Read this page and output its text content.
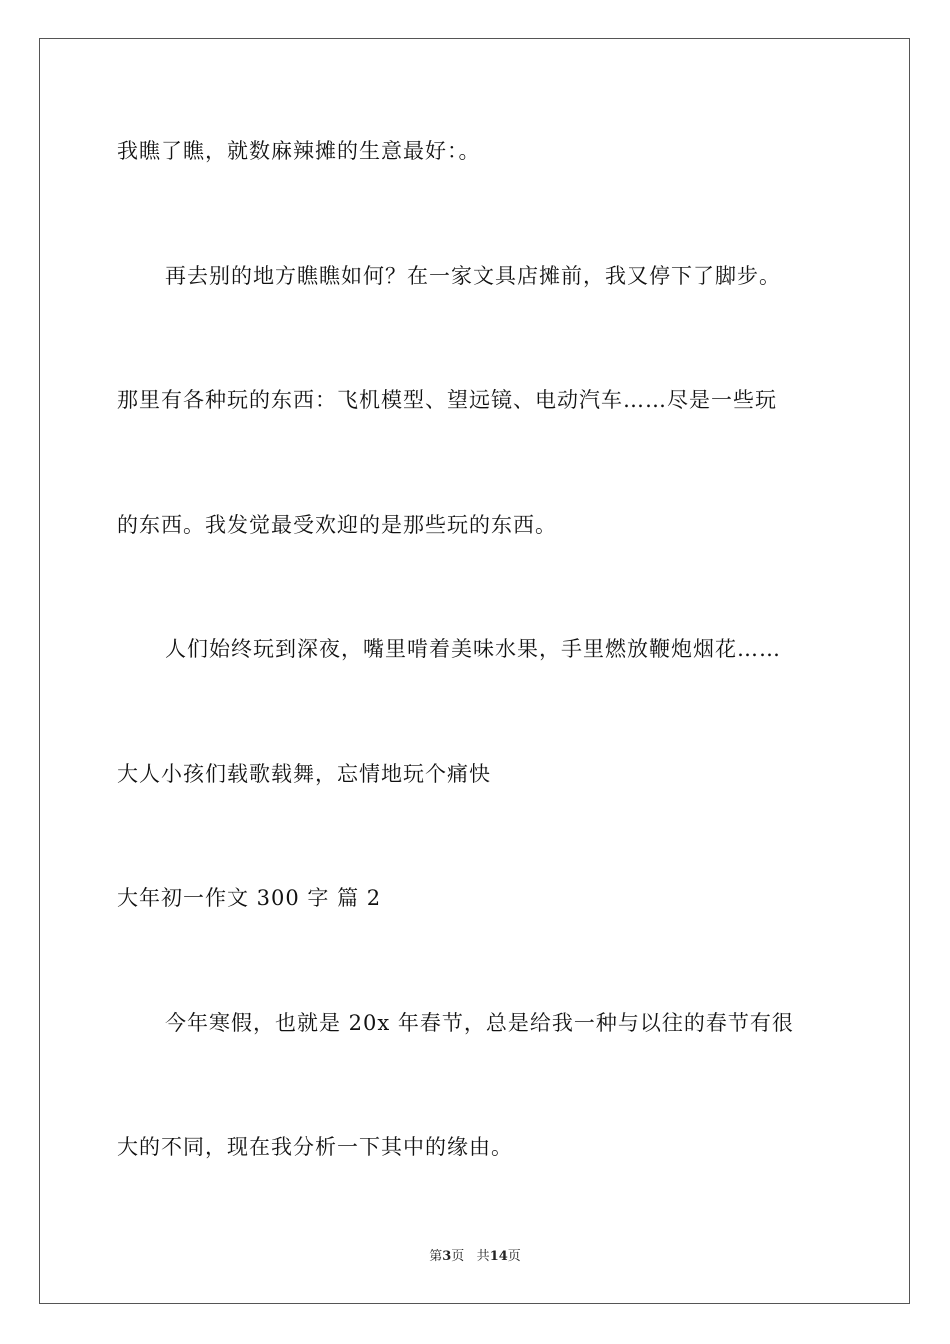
我瞧了瞧，就数麻辣摊的生意最好：。
再去别的地方瞧瞧如何？在一家文具店摊前，我又停下了脚步。
那里有各种玩的东西：飞机模型、望远镜、电动汽车……尽是一些玩
的东西。我发觉最受欢迎的是那些玩的东西。
人们始终玩到深夜，嘴里啃着美味水果，手里燃放鞭炮烟花……
大人小孩们载歌载舞，忘情地玩个痛快
大年初一作文 300 字 篇 2
今年寒假，也就是 20x 年春节，总是给我一种与以往的春节有很
大的不同，现在我分析一下其中的缘由。
第3页 共14页
